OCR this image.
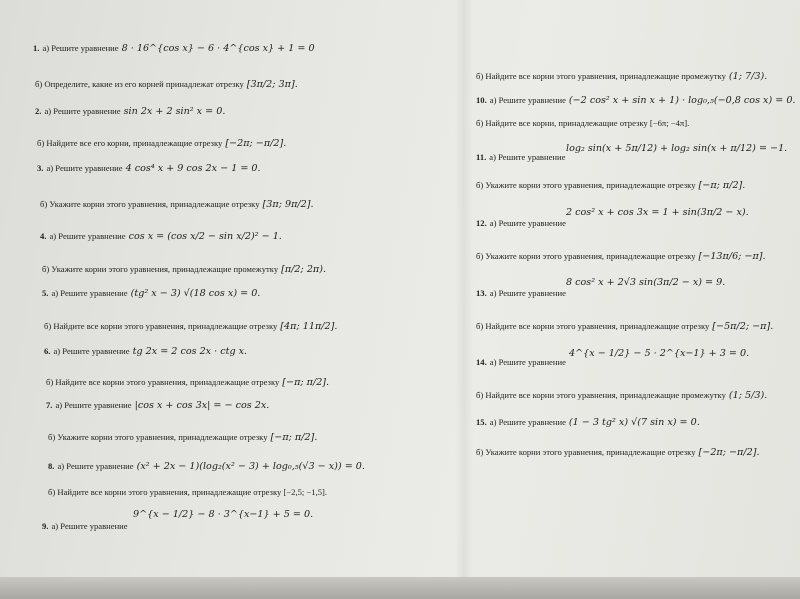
1. а) Решите уравнение 8 · 16^{cos x} − 6 · 4^{cos x} + 1 = 0
б) Определите, какие из его корней принадлежат отрезку [3π/2; 3π].
2. а) Решите уравнение sin 2x + 2 sin² x = 0.
б) Найдите все его корни, принадлежащие отрезку [−2π; −π/2].
3. а) Решите уравнение 4 cos⁴ x + 9 cos 2x − 1 = 0.
б) Укажите корни этого уравнения, принадлежащие отрезку [3π; 9π/2].
4. а) Решите уравнение cos x = (cos x/2 − sin x/2)² − 1.
б) Укажите корни этого уравнения, принадлежащие промежутку [π/2; 2π).
5. а) Решите уравнение (tg² x − 3) √(18 cos x) = 0.
б) Найдите все корни этого уравнения, принадлежащие отрезку [4π; 11π/2].
6. а) Решите уравнение tg 2x = 2 cos 2x · ctg x.
б) Найдите все корни этого уравнения, принадлежащие отрезку [−π; π/2].
7. а) Решите уравнение |cos x + cos 3x| = − cos 2x.
б) Укажите корни этого уравнения, принадлежащие отрезку [−π; π/2].
8. а) Решите уравнение (x² + 2x − 1)(log₂(x² − 3) + log₀,₅(√3 − x)) = 0.
б) Найдите все корни этого уравнения, принадлежащие отрезку [−2,5; −1,5].
9^{x − 1/2} − 8 · 3^{x−1} + 5 = 0.
9. а) Решите уравнение
б) Найдите все корни этого уравнения, принадлежащие промежутку (1; 7/3).
10. а) Решите уравнение (−2 cos² x + sin x + 1) · log₀,₅(−0,8 cos x) = 0.
б) Найдите все корни, принадлежащие отрезку [−6π; −4π].
log₂ sin(x + 5π/12) + log₂ sin(x + π/12) = −1.
11. а) Решите уравнение
б) Укажите корни этого уравнения, принадлежащие отрезку [−π; π/2].
2 cos² x + cos 3x = 1 + sin(3π/2 − x).
12. а) Решите уравнение
б) Укажите корни этого уравнения, принадлежащие отрезку [−13π/6; −π].
8 cos² x + 2√3 sin(3π/2 − x) = 9.
13. а) Решите уравнение
б) Найдите все корни этого уравнения, принадлежащие отрезку [−5π/2; −π].
4^{x − 1/2} − 5 · 2^{x−1} + 3 = 0.
14. а) Решите уравнение
б) Найдите все корни этого уравнения, принадлежащие промежутку (1; 5/3).
15. а) Решите уравнение (1 − 3 tg² x) √(7 sin x) = 0.
б) Укажите корни этого уравнения, принадлежащие отрезку [−2π; −π/2].
